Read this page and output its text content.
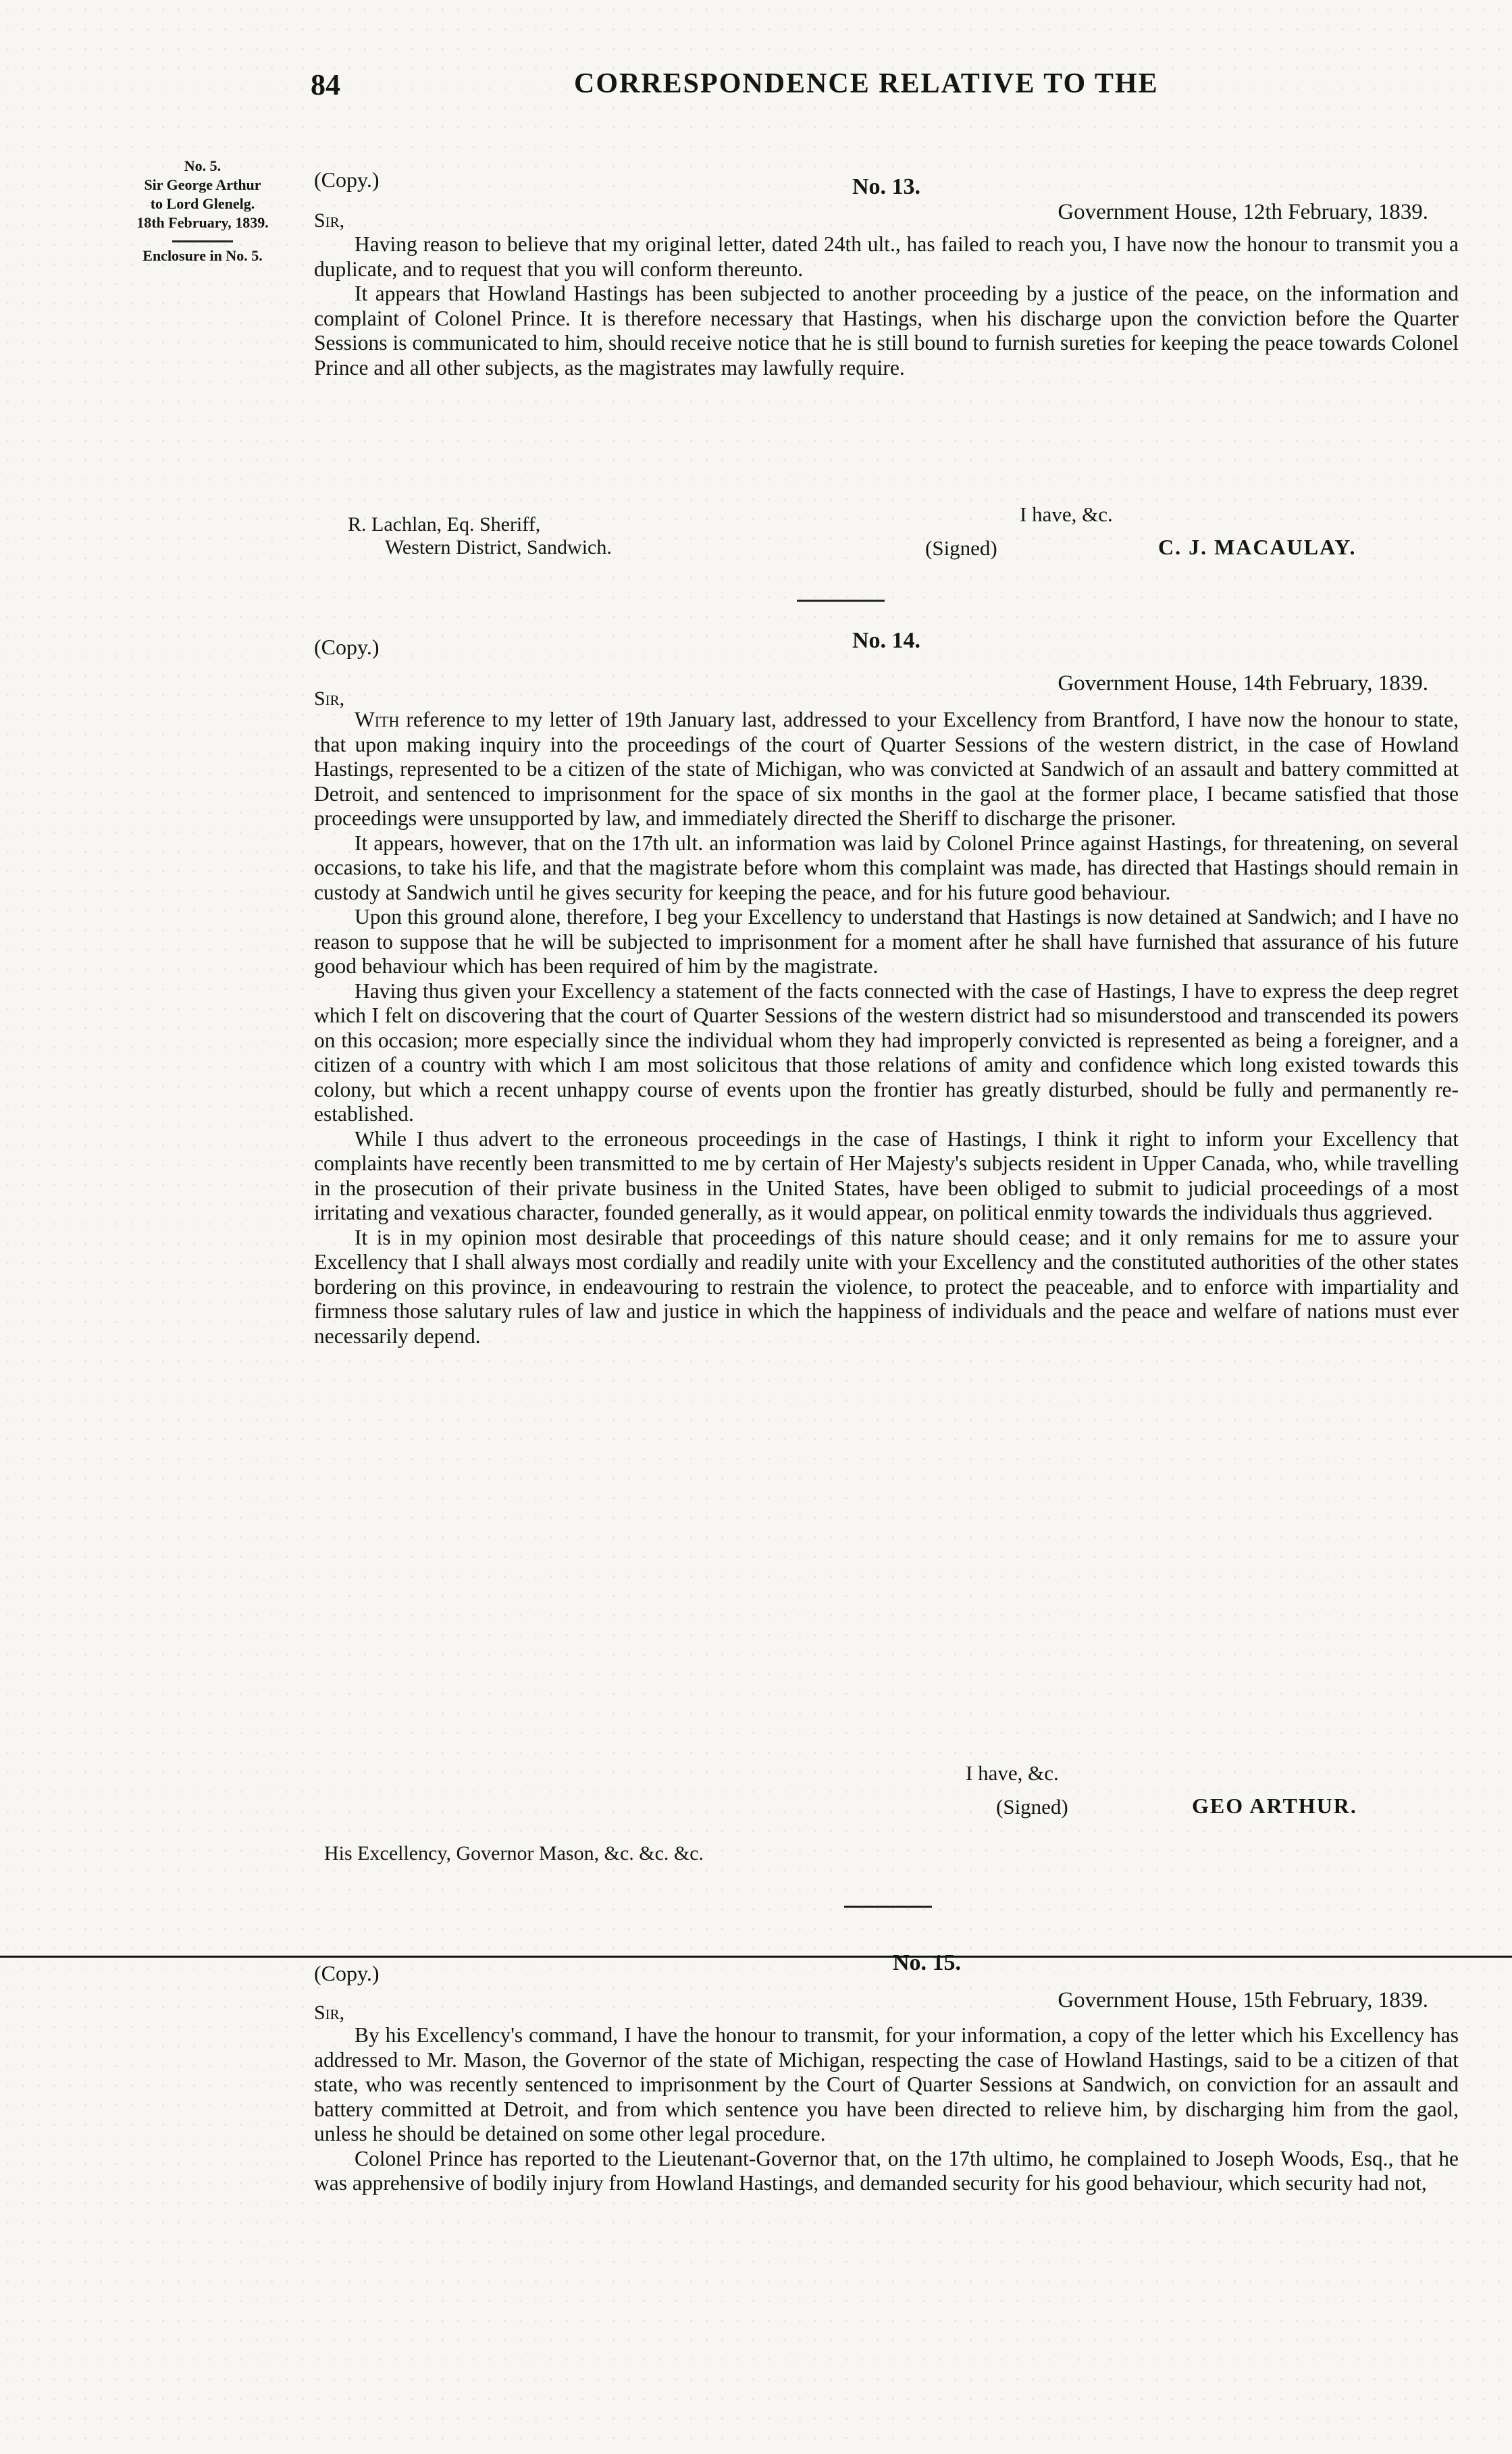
84	CORRESPONDENCE RELATIVE TO THE
No. 5.
Sir George Arthur
to Lord Glenelg.
18th February, 1839.
Enclosure in No. 5.
(Copy.)	No. 13.
Sir,	Government House, 12th February, 1839.

Having reason to believe that my original letter, dated 24th ult., has failed to reach you, I have now the honour to transmit you a duplicate, and to request that you will conform thereunto.

It appears that Howland Hastings has been subjected to another proceeding by a justice of the peace, on the information and complaint of Colonel Prince. It is therefore necessary that Hastings, when his discharge upon the conviction before the Quarter Sessions is communicated to him, should receive notice that he is still bound to furnish sureties for keeping the peace towards Colonel Prince and all other subjects, as the magistrates may lawfully require.

R. Lachlan, Eq. Sheriff,
Western District, Sandwich.
I have, &c.
(Signed)	C. J. MACAULAY.
(Copy.)	No. 14.
Sir,
Government House, 14th February, 1839.

With reference to my letter of 19th January last, addressed to your Excellency from Brantford, I have now the honour to state, that upon making inquiry into the proceedings of the court of Quarter Sessions of the western district, in the case of Howland Hastings, represented to be a citizen of the state of Michigan, who was convicted at Sandwich of an assault and battery committed at Detroit, and sentenced to imprisonment for the space of six months in the gaol at the former place, I became satisfied that those proceedings were unsupported by law, and immediately directed the Sheriff to discharge the prisoner.

It appears, however, that on the 17th ult. an information was laid by Colonel Prince against Hastings, for threatening, on several occasions, to take his life, and that the magistrate before whom this complaint was made, has directed that Hastings should remain in custody at Sandwich until he gives security for keeping the peace, and for his future good behaviour.

Upon this ground alone, therefore, I beg your Excellency to understand that Hastings is now detained at Sandwich; and I have no reason to suppose that he will be subjected to imprisonment for a moment after he shall have furnished that assurance of his future good behaviour which has been required of him by the magistrate.

Having thus given your Excellency a statement of the facts connected with the case of Hastings, I have to express the deep regret which I felt on discovering that the court of Quarter Sessions of the western district had so misunderstood and transcended its powers on this occasion; more especially since the individual whom they had improperly convicted is represented as being a foreigner, and a citizen of a country with which I am most solicitous that those relations of amity and confidence which long existed towards this colony, but which a recent unhappy course of events upon the frontier has greatly disturbed, should be fully and permanently re-established.

While I thus advert to the erroneous proceedings in the case of Hastings, I think it right to inform your Excellency that complaints have recently been transmitted to me by certain of Her Majesty's subjects resident in Upper Canada, who, while travelling in the prosecution of their private business in the United States, have been obliged to submit to judicial proceedings of a most irritating and vexatious character, founded generally, as it would appear, on political enmity towards the individuals thus aggrieved.

It is in my opinion most desirable that proceedings of this nature should cease; and it only remains for me to assure your Excellency that I shall always most cordially and readily unite with your Excellency and the constituted authorities of the other states bordering on this province, in endeavouring to restrain the violence, to protect the peaceable, and to enforce with impartiality and firmness those salutary rules of law and justice in which the happiness of individuals and the peace and welfare of nations must ever necessarily depend.

I have, &c.
(Signed)	GEO ARTHUR.
His Excellency, Governor Mason, &c. &c. &c.
(Copy.)	No. 15.
Sir,
Government House, 15th February, 1839.

By his Excellency's command, I have the honour to transmit, for your information, a copy of the letter which his Excellency has addressed to Mr. Mason, the Governor of the state of Michigan, respecting the case of Howland Hastings, said to be a citizen of that state, who was recently sentenced to imprisonment by the Court of Quarter Sessions at Sandwich, on conviction for an assault and battery committed at Detroit, and from which sentence you have been directed to relieve him, by discharging him from the gaol, unless he should be detained on some other legal procedure.

Colonel Prince has reported to the Lieutenant-Governor that, on the 17th ultimo, he complained to Joseph Woods, Esq., that he was apprehensive of bodily injury from Howland Hastings, and demanded security for his good behaviour, which security had not,
